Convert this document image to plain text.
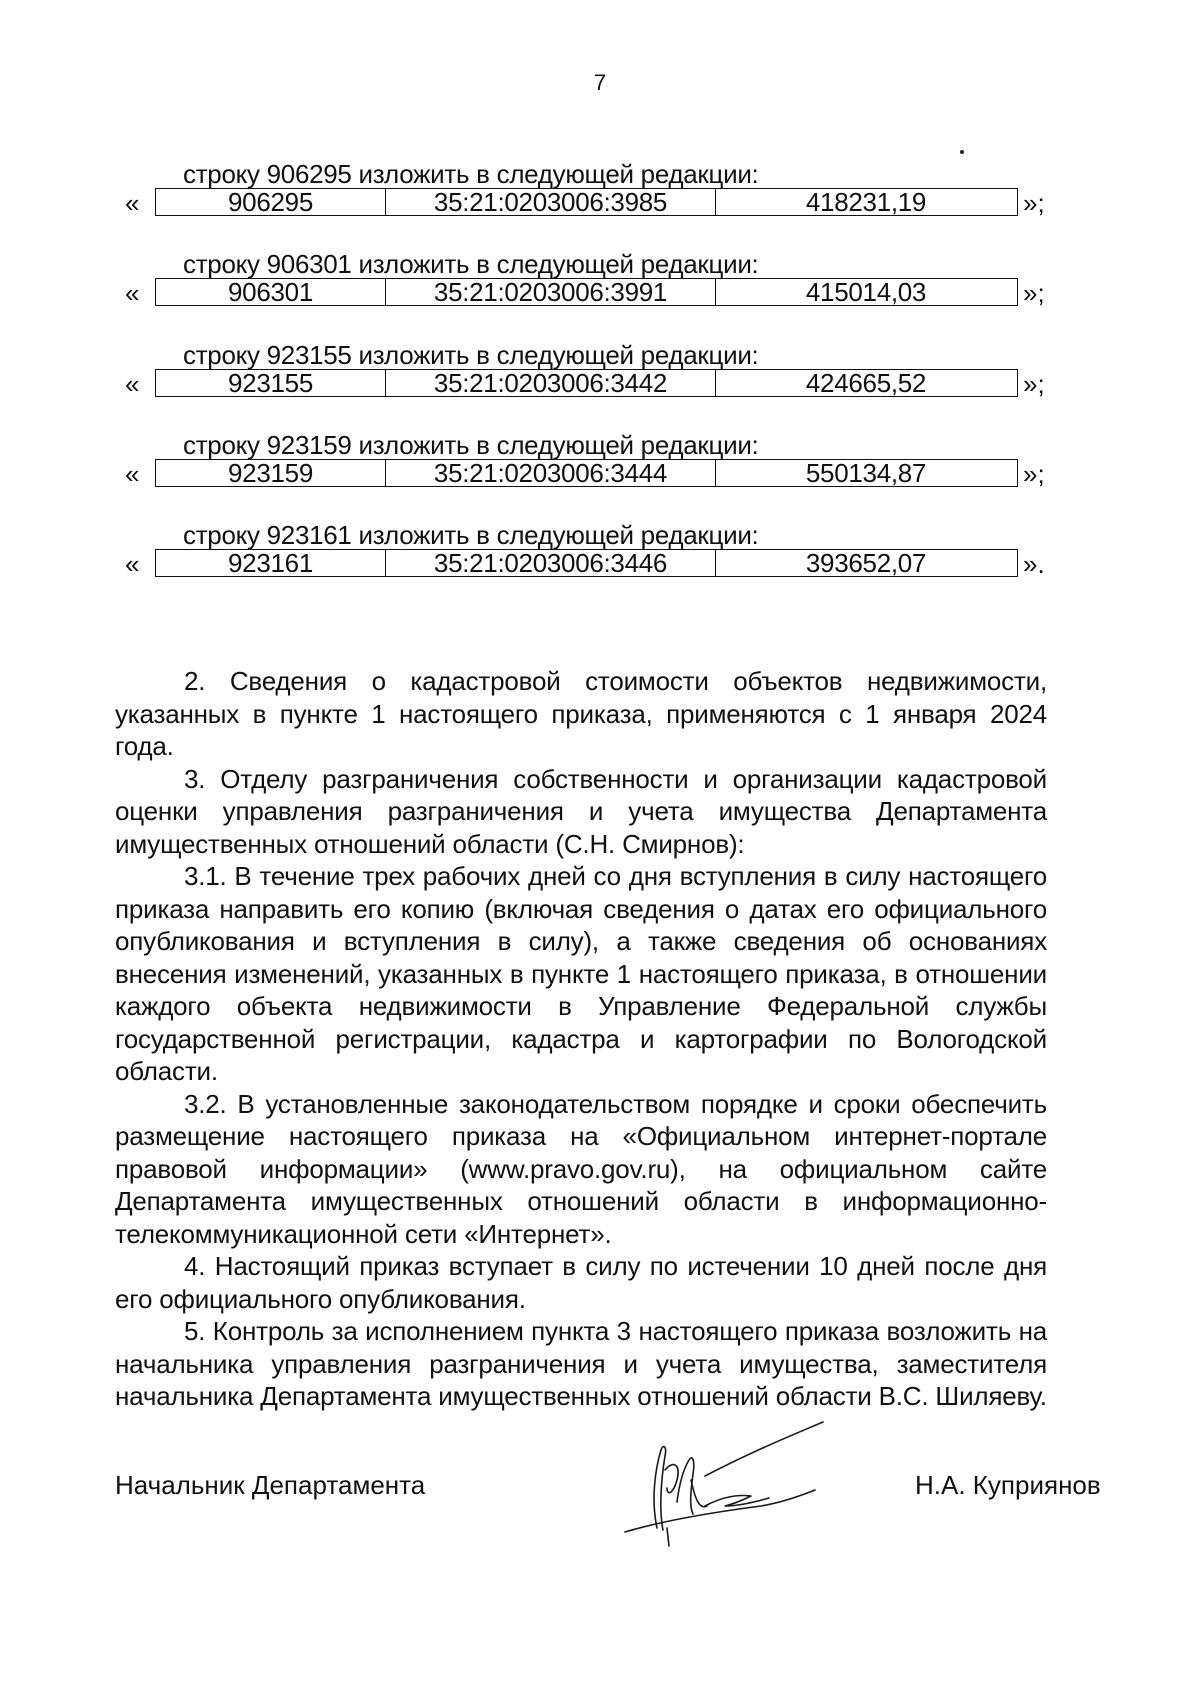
7
строку 906295 изложить в следующей редакции:
«	906295	35:21:0203006:3985	418231,19	»;
строку 906301 изложить в следующей редакции:
«	906301	35:21:0203006:3991	415014,03	»;
строку 923155 изложить в следующей редакции:
«	923155	35:21:0203006:3442	424665,52	»;
строку 923159 изложить в следующей редакции:
«	923159	35:21:0203006:3444	550134,87	»;
строку 923161 изложить в следующей редакции:
«	923161	35:21:0203006:3446	393652,07	».

2. Сведения о кадастровой стоимости объектов недвижимости, указанных в пункте 1 настоящего приказа, применяются с 1 января 2024 года.

3. Отделу разграничения собственности и организации кадастровой оценки управления разграничения и учета имущества Департамента имущественных отношений области (С.Н. Смирнов):

3.1. В течение трех рабочих дней со дня вступления в силу настоящего приказа направить его копию (включая сведения о датах его официального опубликования и вступления в силу), а также сведения об основаниях внесения изменений, указанных в пункте 1 настоящего приказа, в отношении каждого объекта недвижимости в Управление Федеральной службы государственной регистрации, кадастра и картографии по Вологодской области.

3.2. В установленные законодательством порядке и сроки обеспечить размещение настоящего приказа на «Официальном интернет-портале правовой информации» (www.pravo.gov.ru), на официальном сайте Департамента имущественных отношений области в информационно-телекоммуникационной сети «Интернет».

4. Настоящий приказ вступает в силу по истечении 10 дней после дня его официального опубликования.

5. Контроль за исполнением пункта 3 настоящего приказа возложить на начальника управления разграничения и учета имущества, заместителя начальника Департамента имущественных отношений области В.С. Шиляеву.

Начальник Департамента	Н.А. Куприянов
